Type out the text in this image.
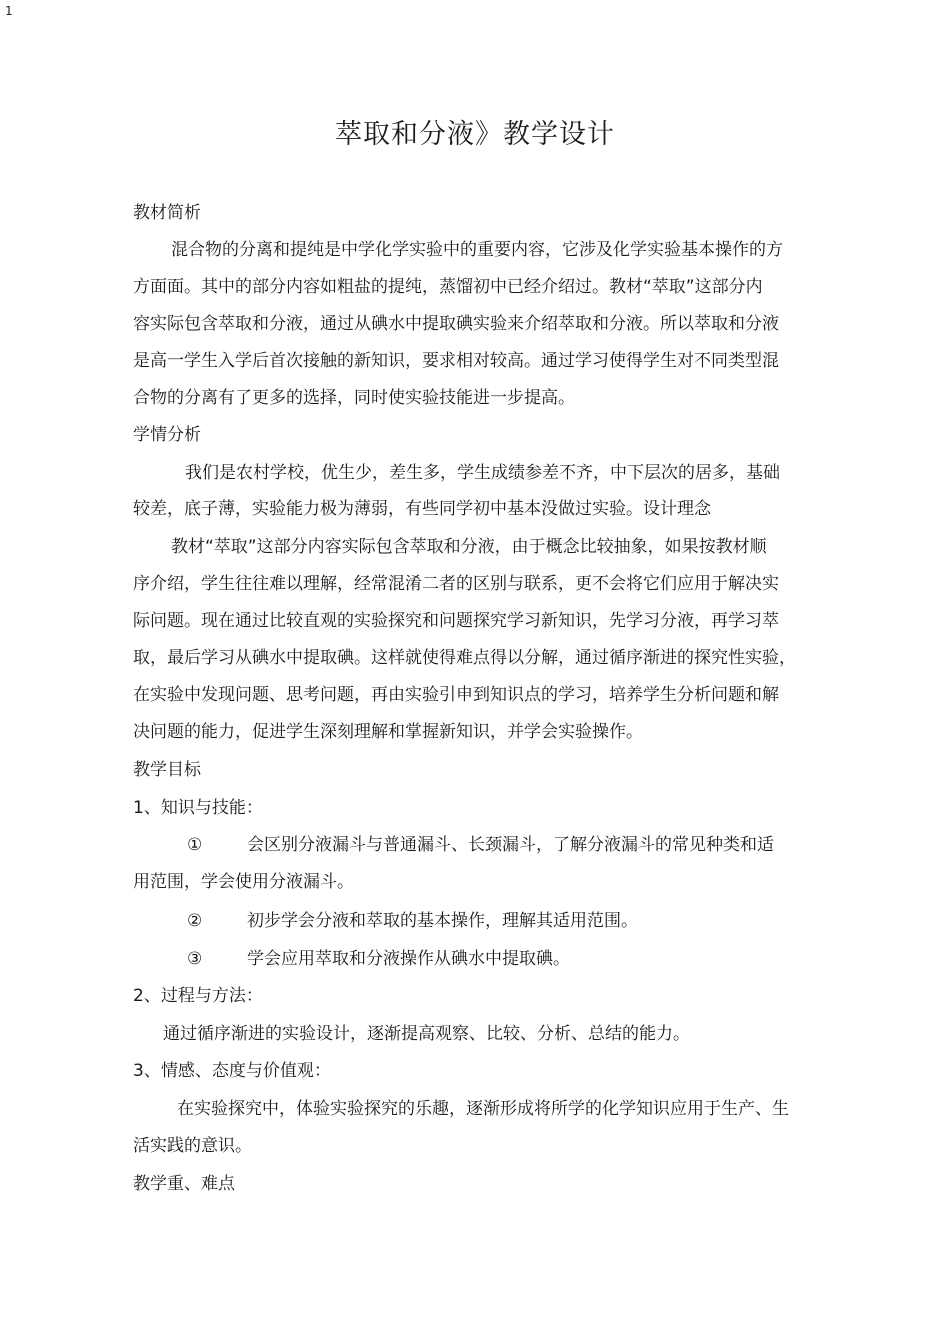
1
萃取和分液》教学设计
教材简析
混合物的分离和提纯是中学化学实验中的重要内容，它涉及化学实验基本操作的方
方面面。其中的部分内容如粗盐的提纯，蒸馏初中已经介绍过。教材“萃取”这部分内
容实际包含萃取和分液，通过从碘水中提取碘实验来介绍萃取和分液。所以萃取和分液
是高一学生入学后首次接触的新知识，要求相对较高。通过学习使得学生对不同类型混
合物的分离有了更多的选择，同时使实验技能进一步提高。
学情分析
我们是农村学校，优生少，差生多，学生成绩参差不齐，中下层次的居多，基础
较差，底子薄，实验能力极为薄弱，有些同学初中基本没做过实验。设计理念
教材“萃取”这部分内容实际包含萃取和分液，由于概念比较抽象，如果按教材顺
序介绍，学生往往难以理解，经常混淆二者的区别与联系，更不会将它们应用于解决实
际问题。现在通过比较直观的实验探究和问题探究学习新知识，先学习分液，再学习萃
取，最后学习从碘水中提取碘。这样就使得难点得以分解，通过循序渐进的探究性实验，
在实验中发现问题、思考问题，再由实验引申到知识点的学习，培养学生分析问题和解
决问题的能力，促进学生深刻理解和掌握新知识，并学会实验操作。
教学目标
1、知识与技能：
①	会区别分液漏斗与普通漏斗、长颈漏斗，了解分液漏斗的常见种类和适
用范围，学会使用分液漏斗。
②	初步学会分液和萃取的基本操作，理解其适用范围。
③	学会应用萃取和分液操作从碘水中提取碘。
2、过程与方法：
通过循序渐进的实验设计，逐渐提高观察、比较、分析、总结的能力。
3、情感、态度与价值观：
在实验探究中，体验实验探究的乐趣，逐渐形成将所学的化学知识应用于生产、生
活实践的意识。
教学重、难点
